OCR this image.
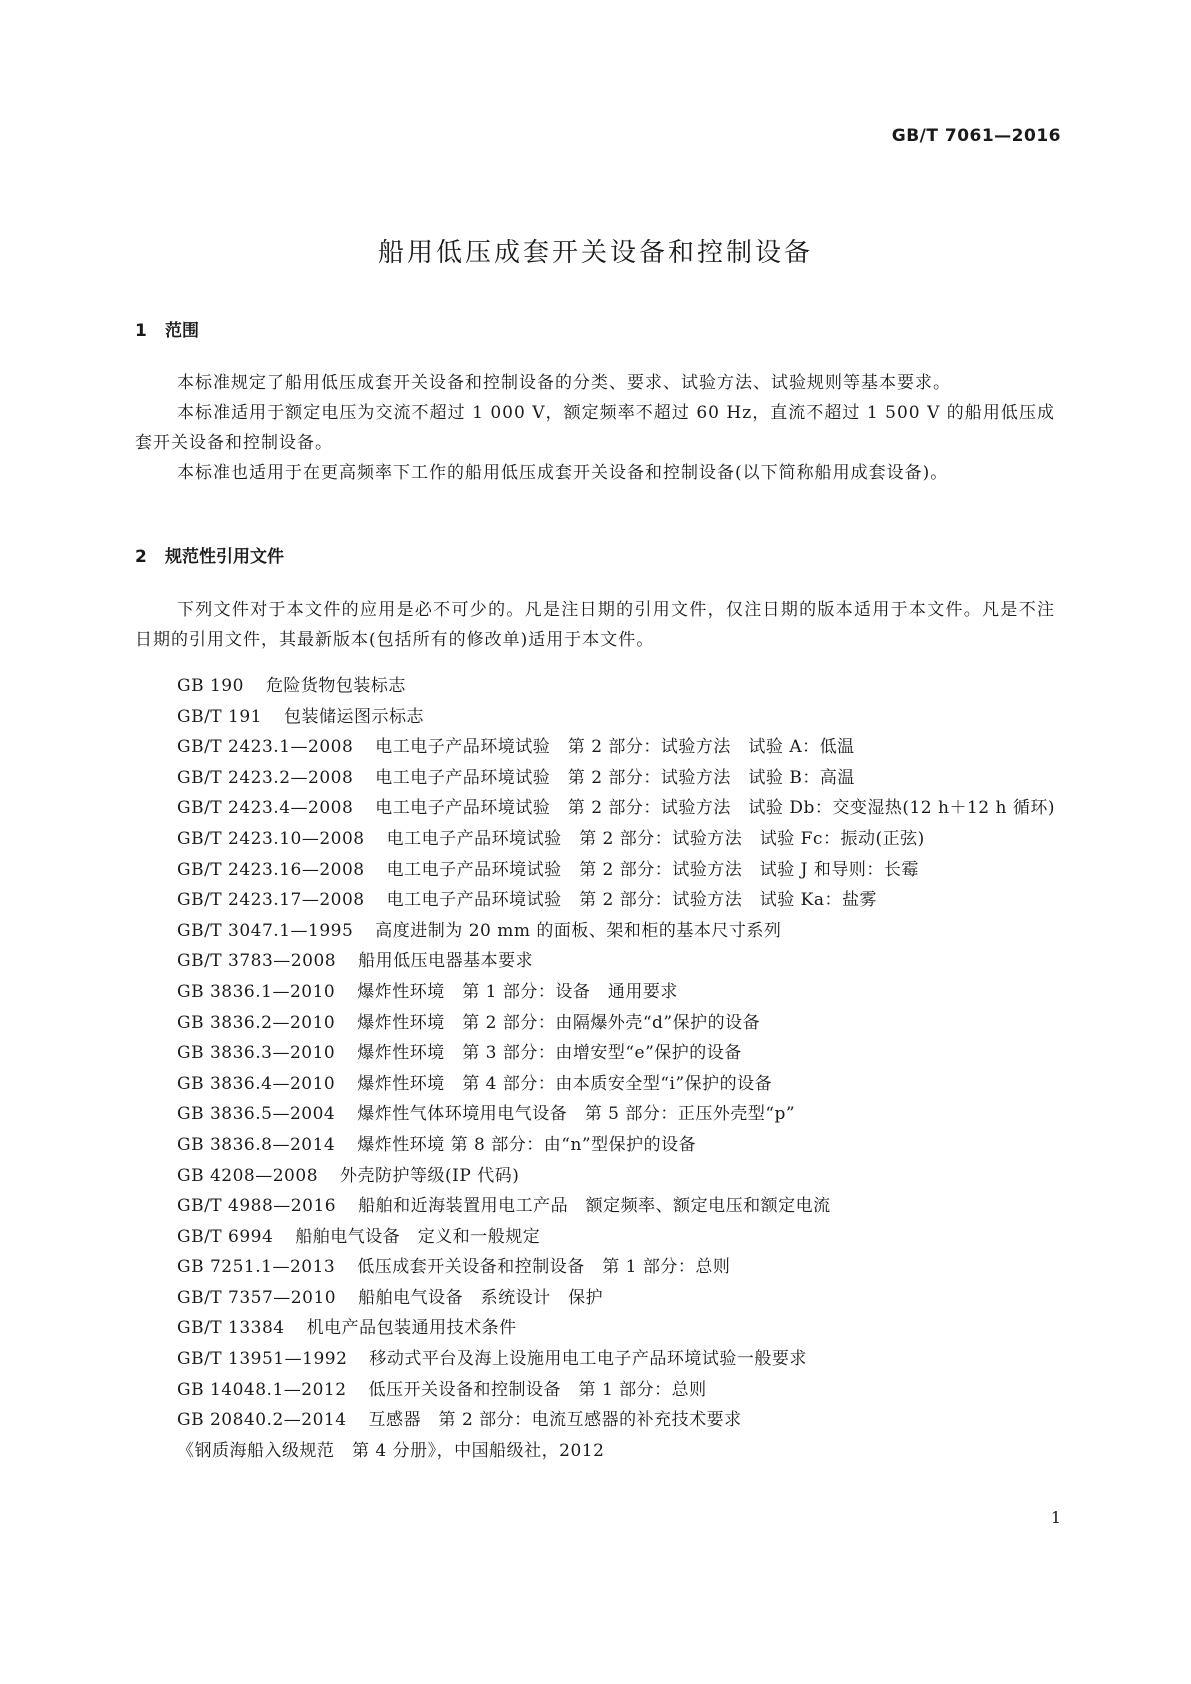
GB/T 7061—2016
船用低压成套开关设备和控制设备
1 范围

本标准规定了船用低压成套开关设备和控制设备的分类、要求、试验方法、试验规则等基本要求。

本标准适用于额定电压为交流不超过 1 000 V，额定频率不超过 60 Hz，直流不超过 1 500 V 的船用低压成套开关设备和控制设备。

本标准也适用于在更高频率下工作的船用低压成套开关设备和控制设备(以下简称船用成套设备)。

2 规范性引用文件

下列文件对于本文件的应用是必不可少的。凡是注日期的引用文件，仅注日期的版本适用于本文件。凡是不注日期的引用文件，其最新版本(包括所有的修改单)适用于本文件。

GB 190 危险货物包装标志
GB/T 191 包装储运图示标志
GB/T 2423.1—2008 电工电子产品环境试验　第 2 部分：试验方法　试验 A：低温
GB/T 2423.2—2008 电工电子产品环境试验　第 2 部分：试验方法　试验 B：高温
GB/T 2423.4—2008 电工电子产品环境试验　第 2 部分：试验方法　试验 Db：交变湿热(12 h＋12 h 循环)
GB/T 2423.10—2008 电工电子产品环境试验　第 2 部分：试验方法　试验 Fc：振动(正弦)
GB/T 2423.16—2008 电工电子产品环境试验　第 2 部分：试验方法　试验 J 和导则：长霉
GB/T 2423.17—2008 电工电子产品环境试验　第 2 部分：试验方法　试验 Ka：盐雾
GB/T 3047.1—1995 高度进制为 20 mm 的面板、架和柜的基本尺寸系列
GB/T 3783—2008 船用低压电器基本要求
GB 3836.1—2010 爆炸性环境　第 1 部分：设备　通用要求
GB 3836.2—2010 爆炸性环境　第 2 部分：由隔爆外壳“d”保护的设备
GB 3836.3—2010 爆炸性环境　第 3 部分：由增安型“e”保护的设备
GB 3836.4—2010 爆炸性环境　第 4 部分：由本质安全型“i”保护的设备
GB 3836.5—2004 爆炸性气体环境用电气设备　第 5 部分：正压外壳型“p”
GB 3836.8—2014 爆炸性环境 第 8 部分：由“n”型保护的设备
GB 4208—2008 外壳防护等级(IP 代码)
GB/T 4988—2016 船舶和近海装置用电工产品　额定频率、额定电压和额定电流
GB/T 6994 船舶电气设备　定义和一般规定
GB 7251.1—2013 低压成套开关设备和控制设备　第 1 部分：总则
GB/T 7357—2010 船舶电气设备　系统设计　保护
GB/T 13384 机电产品包装通用技术条件
GB/T 13951—1992 移动式平台及海上设施用电工电子产品环境试验一般要求
GB 14048.1—2012 低压开关设备和控制设备　第 1 部分：总则
GB 20840.2—2014 互感器　第 2 部分：电流互感器的补充技术要求
《钢质海船入级规范　第 4 分册》，中国船级社，2012
1
